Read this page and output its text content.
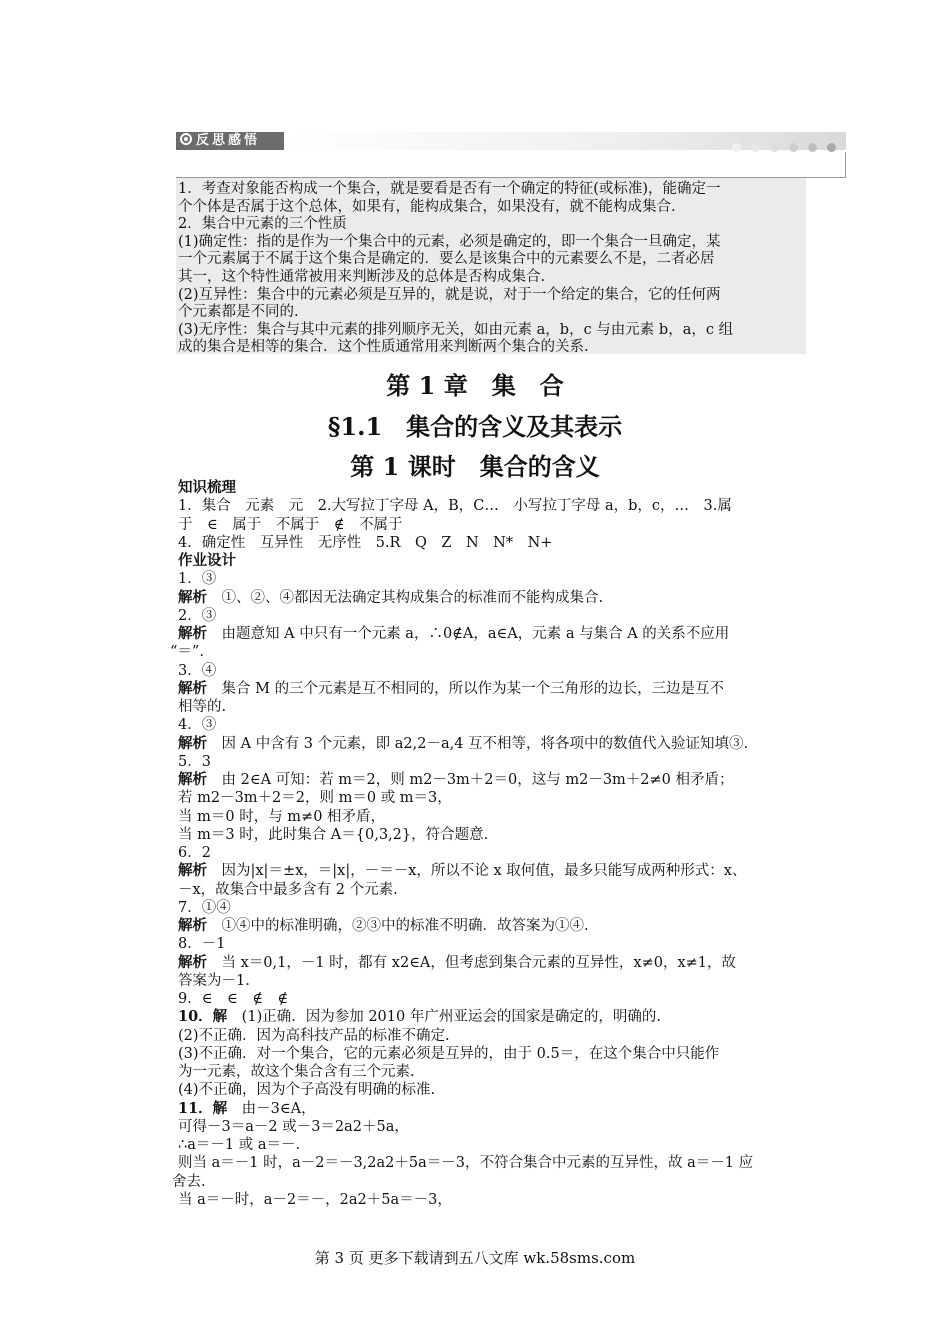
反思感悟
1．考查对象能否构成一个集合，就是要看是否有一个确定的特征(或标准)，能确定一
个个体是否属于这个总体，如果有，能构成集合，如果没有，就不能构成集合.
2．集合中元素的三个性质
(1)确定性：指的是作为一个集合中的元素，必须是确定的，即一个集合一旦确定，某
一个元素属于不属于这个集合是确定的．要么是该集合中的元素要么不是，二者必居
其一，这个特性通常被用来判断涉及的总体是否构成集合.
(2)互异性：集合中的元素必须是互异的，就是说，对于一个给定的集合，它的任何两
个元素都是不同的.
(3)无序性：集合与其中元素的排列顺序无关，如由元素 a，b，c 与由元素 b，a，c 组
成的集合是相等的集合．这个性质通常用来判断两个集合的关系.
第 1 章　集　合
§1.1　集合的含义及其表示
第 1 课时　集合的含义
知识梳理
1．集合　元素　元　2.大写拉丁字母 A，B，C…　小写拉丁字母 a，b，c，…　3.属
于　∈　属于　不属于　∉　不属于
4．确定性　互异性　无序性　5.R　Q　Z　N　N*　N+
作业设计
1．③
解析　①、②、④都因无法确定其构成集合的标准而不能构成集合.
2．③
解析　由题意知 A 中只有一个元素 a，∴0∉A，a∈A，元素 a 与集合 A 的关系不应用
“＝”.
3．④
解析　集合 M 的三个元素是互不相同的，所以作为某一个三角形的边长，三边是互不
相等的.
4．③
解析　因 A 中含有 3 个元素，即 a2,2－a,4 互不相等，将各项中的数值代入验证知填③.
5．3
解析　由 2∈A 可知：若 m＝2，则 m2－3m＋2＝0，这与 m2－3m＋2≠0 相矛盾；
若 m2－3m＋2＝2，则 m＝0 或 m＝3，
当 m＝0 时，与 m≠0 相矛盾，
当 m＝3 时，此时集合 A＝{0,3,2}，符合题意.
6．2
解析　因为|x|＝±x，＝|x|，－＝－x，所以不论 x 取何值，最多只能写成两种形式：x、
－x，故集合中最多含有 2 个元素.
7．①④
解析　①④中的标准明确，②③中的标准不明确．故答案为①④.
8．－1
解析　当 x＝0,1，－1 时，都有 x2∈A，但考虑到集合元素的互异性，x≠0，x≠1，故
答案为－1.
9．∈　∈　∉　∉
10．解　(1)正确．因为参加 2010 年广州亚运会的国家是确定的，明确的.
(2)不正确．因为高科技产品的标准不确定.
(3)不正确．对一个集合，它的元素必须是互异的，由于 0.5＝，在这个集合中只能作
为一元素，故这个集合含有三个元素.
(4)不正确，因为个子高没有明确的标准.
11．解　由－3∈A，
可得－3＝a－2 或－3＝2a2＋5a，
∴a＝－1 或 a＝－.
则当 a＝－1 时，a－2＝－3,2a2＋5a＝－3，不符合集合中元素的互异性，故 a＝－1 应
舍去.
当 a＝－时，a－2＝－，2a2＋5a＝－3，
第 3 页 更多下载请到五八文库 wk.58sms.com
